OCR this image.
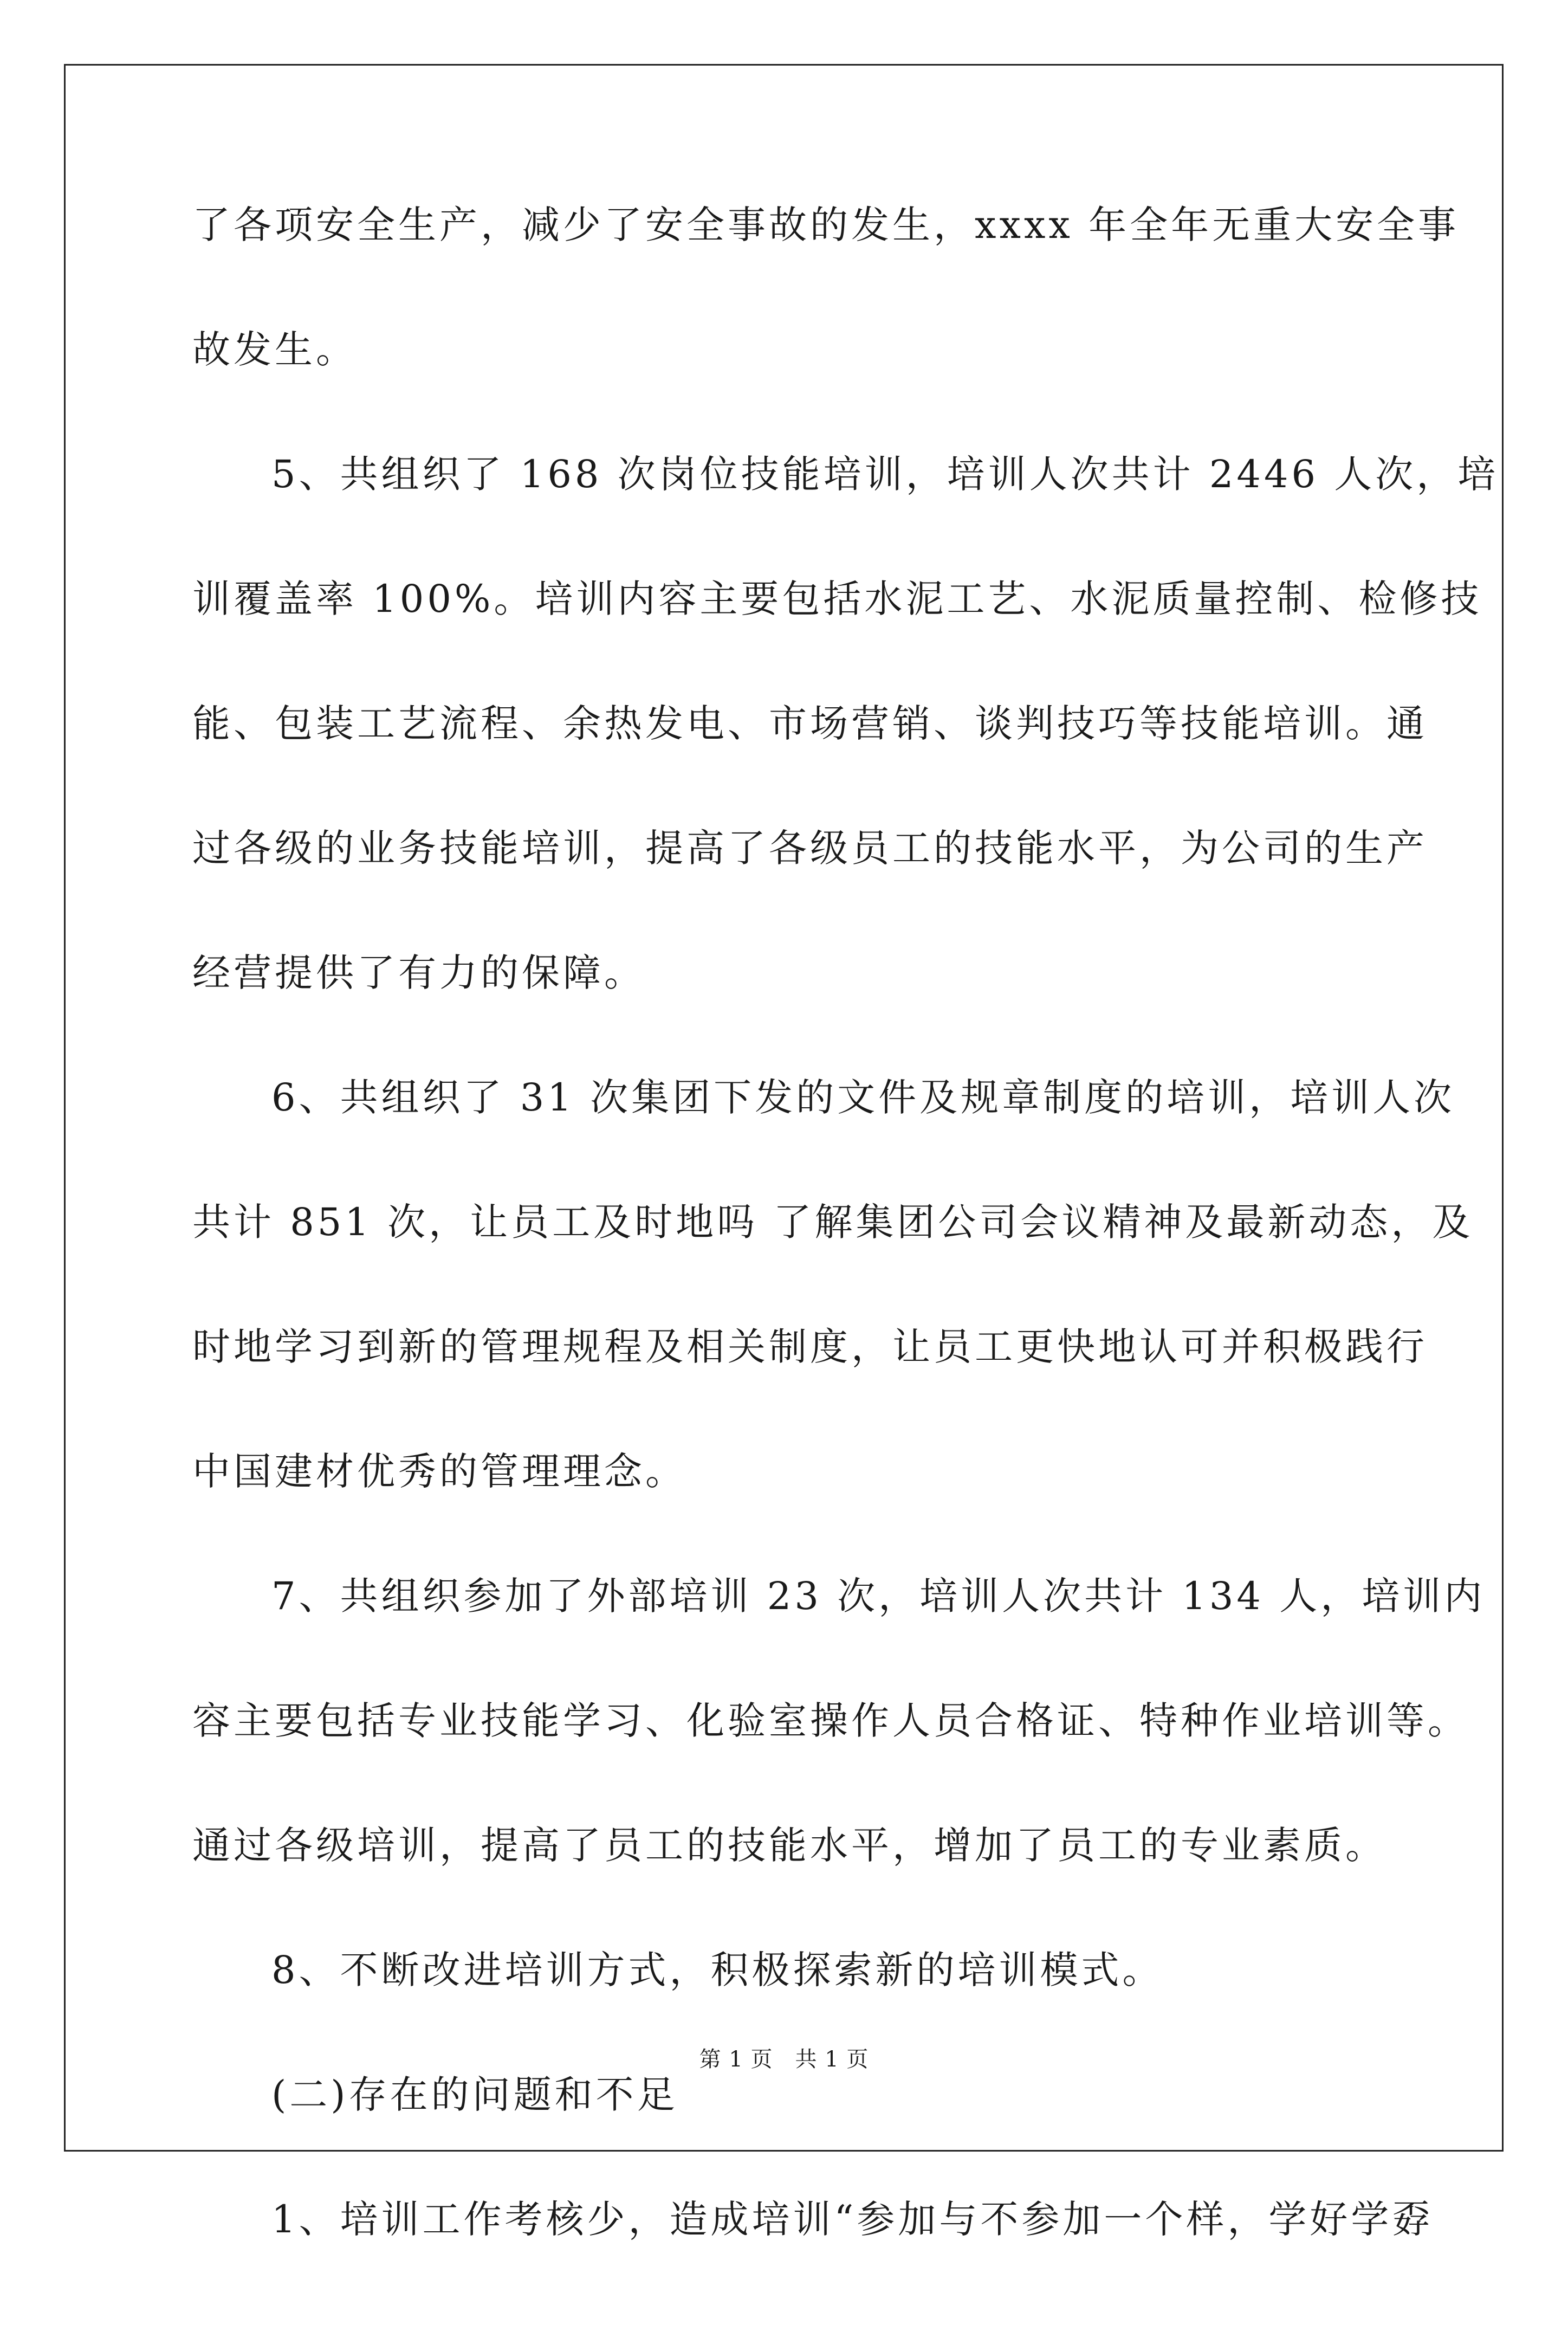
了各项安全生产，减少了安全事故的发生，xxxx 年全年无重大安全事
故发生。
5、共组织了 168 次岗位技能培训，培训人次共计 2446 人次，培
训覆盖率 100%。培训内容主要包括水泥工艺、水泥质量控制、检修技
能、包装工艺流程、余热发电、市场营销、谈判技巧等技能培训。通
过各级的业务技能培训，提高了各级员工的技能水平，为公司的生产
经营提供了有力的保障。
6、共组织了 31 次集团下发的文件及规章制度的培训，培训人次
共计 851 次，让员工及时地吗 了解集团公司会议精神及最新动态，及
时地学习到新的管理规程及相关制度，让员工更快地认可并积极践行
中国建材优秀的管理理念。
7、共组织参加了外部培训 23 次，培训人次共计 134 人，培训内
容主要包括专业技能学习、化验室操作人员合格证、特种作业培训等。
通过各级培训，提高了员工的技能水平，增加了员工的专业素质。
8、不断改进培训方式，积极探索新的培训模式。
(二)存在的问题和不足
1、培训工作考核少，造成培训“参加与不参加一个样，学好学孬
第 1 页　共 1 页
